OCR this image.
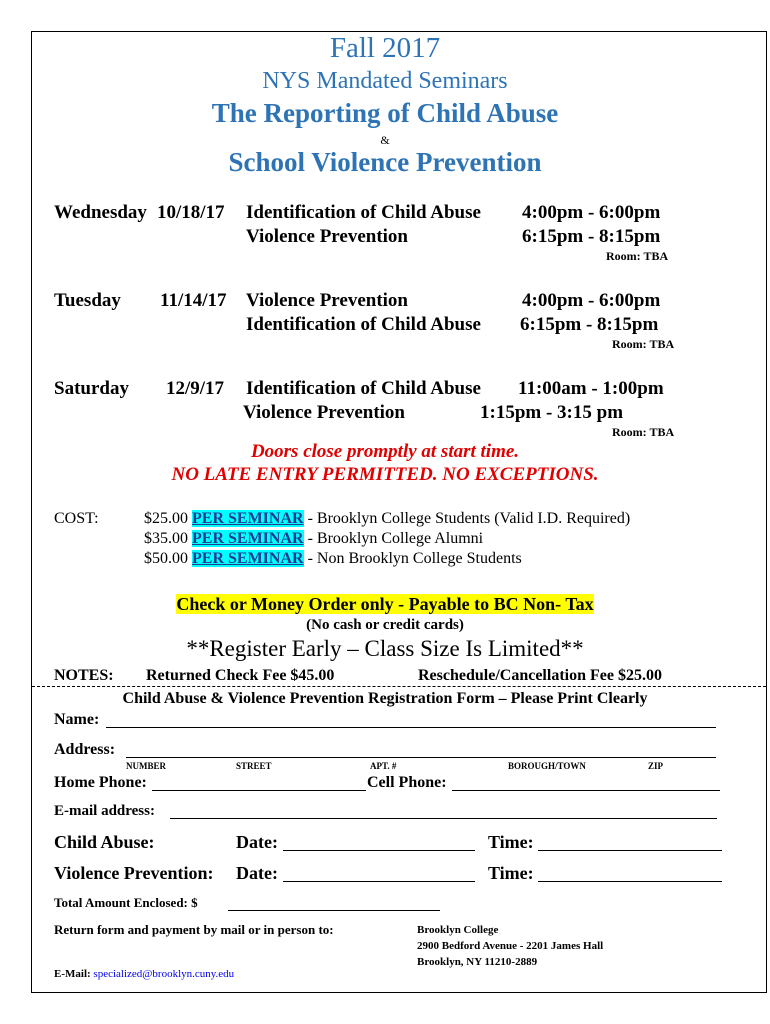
Fall 2017
NYS Mandated Seminars
The Reporting of Child Abuse
&
School Violence Prevention
Wednesday 10/18/17 Identification of Child Abuse 4:00pm - 6:00pm
Violence Prevention	6:15pm - 8:15pm
Room: TBA
Tuesday 11/14/17 Violence Prevention	4:00pm - 6:00pm
Identification of Child Abuse 6:15pm - 8:15pm
Room: TBA
Saturday 12/9/17 Identification of Child Abuse 11:00am - 1:00pm
Violence Prevention	1:15pm - 3:15 pm
Room: TBA
Doors close promptly at start time.
NO LATE ENTRY PERMITTED. NO EXCEPTIONS.
COST:	$25.00 PER SEMINAR - Brooklyn College Students (Valid I.D. Required)
$35.00 PER SEMINAR - Brooklyn College Alumni
$50.00 PER SEMINAR - Non Brooklyn College Students
Check or Money Order only - Payable to BC Non- Tax
(No cash or credit cards)
**Register Early – Class Size Is Limited**
NOTES: Returned Check Fee $45.00	Reschedule/Cancellation Fee $25.00
Child Abuse & Violence Prevention Registration Form – Please Print Clearly
Name:
Address:
NUMBER	STREET	APT. #	BOROUGH/TOWN	ZIP
Home Phone:	Cell Phone:
E-mail address:
Child Abuse:	Date:	Time:
Violence Prevention: Date:	Time:
Total Amount Enclosed: $
Return form and payment by mail or in person to:	Brooklyn College
2900 Bedford Avenue - 2201 James Hall
Brooklyn, NY 11210-2889
E-Mail: specialized@brooklyn.cuny.edu
